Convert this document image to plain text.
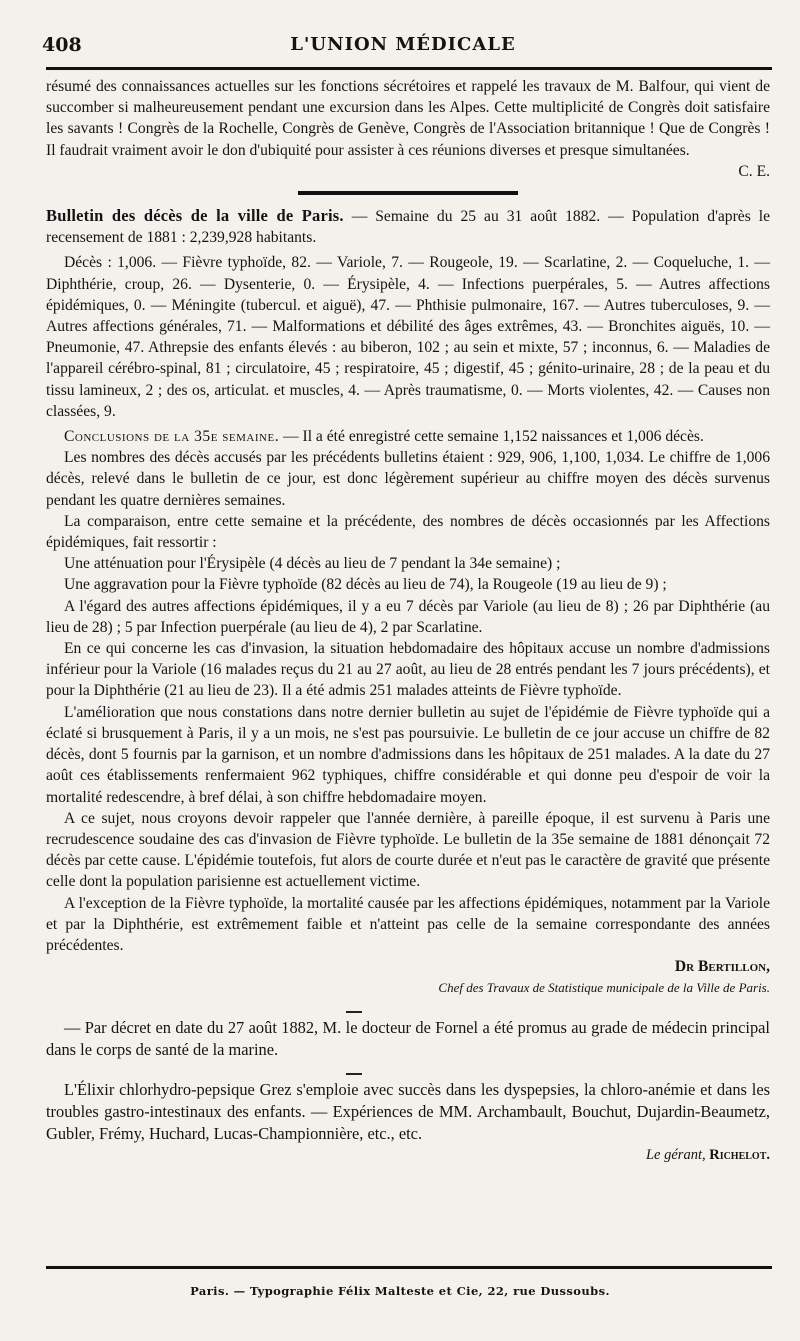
408	L'UNION MÉDICALE

résumé des connaissances actuelles sur les fonctions sécrétoires et rappelé les travaux de M. Balfour, qui vient de succomber si malheureusement pendant une excursion dans les Alpes. Cette multiplicité de Congrès doit satisfaire les savants ! Congrès de la Rochelle, Congrès de Genève, Congrès de l'Association britannique ! Que de Congrès ! Il faudrait vraiment avoir le don d'ubiquité pour assister à ces réunions diverses et presque simultanées.

C. E.

Bulletin des décès de la ville de Paris. — Semaine du 25 au 31 août 1882. — Population d'après le recensement de 1881 : 2,239,928 habitants.

Décès : 1,006. — Fièvre typhoïde, 82. — Variole, 7. — Rougeole, 19. — Scarlatine, 2. — Coqueluche, 1. — Diphthérie, croup, 26. — Dysenterie, 0. — Érysipèle, 4. — Infections puerpérales, 5. — Autres affections épidémiques, 0. — Méningite (tubercul. et aiguë), 47. — Phthisie pulmonaire, 167. — Autres tuberculoses, 9. — Autres affections générales, 71. — Malformations et débilité des âges extrêmes, 43. — Bronchites aiguës, 10. — Pneumonie, 47. Athrepsie des enfants élevés : au biberon, 102 ; au sein et mixte, 57 ; inconnus, 6. — Maladies de l'appareil cérébro-spinal, 81 ; circulatoire, 45 ; respiratoire, 45 ; digestif, 45 ; génito-urinaire, 28 ; de la peau et du tissu lamineux, 2 ; des os, articulat. et muscles, 4. — Après traumatisme, 0. — Morts violentes, 42. — Causes non classées, 9.

Conclusions de la 35e semaine. — Il a été enregistré cette semaine 1,152 naissances et 1,006 décès.

Les nombres des décès accusés par les précédents bulletins étaient : 929, 906, 1,100, 1,034. Le chiffre de 1,006 décès, relevé dans le bulletin de ce jour, est donc légèrement supérieur au chiffre moyen des décès survenus pendant les quatre dernières semaines.

La comparaison, entre cette semaine et la précédente, des nombres de décès occasionnés par les Affections épidémiques, fait ressortir :

Une atténuation pour l'Érysipèle (4 décès au lieu de 7 pendant la 34e semaine) ;

Une aggravation pour la Fièvre typhoïde (82 décès au lieu de 74), la Rougeole (19 au lieu de 9) ;

A l'égard des autres affections épidémiques, il y a eu 7 décès par Variole (au lieu de 8) ; 26 par Diphthérie (au lieu de 28) ; 5 par Infection puerpérale (au lieu de 4), 2 par Scarlatine.

En ce qui concerne les cas d'invasion, la situation hebdomadaire des hôpitaux accuse un nombre d'admissions inférieur pour la Variole (16 malades reçus du 21 au 27 août, au lieu de 28 entrés pendant les 7 jours précédents), et pour la Diphthérie (21 au lieu de 23). Il a été admis 251 malades atteints de Fièvre typhoïde.

L'amélioration que nous constations dans notre dernier bulletin au sujet de l'épidémie de Fièvre typhoïde qui a éclaté si brusquement à Paris, il y a un mois, ne s'est pas poursuivie. Le bulletin de ce jour accuse un chiffre de 82 décès, dont 5 fournis par la garnison, et un nombre d'admissions dans les hôpitaux de 251 malades. A la date du 27 août ces établissements renfermaient 962 typhiques, chiffre considérable et qui donne peu d'espoir de voir la mortalité redescendre, à bref délai, à son chiffre hebdomadaire moyen.

A ce sujet, nous croyons devoir rappeler que l'année dernière, à pareille époque, il est survenu à Paris une recrudescence soudaine des cas d'invasion de Fièvre typhoïde. Le bulletin de la 35e semaine de 1881 dénonçait 72 décès par cette cause. L'épidémie toutefois, fut alors de courte durée et n'eut pas le caractère de gravité que présente celle dont la population parisienne est actuellement victime.

A l'exception de la Fièvre typhoïde, la mortalité causée par les affections épidémiques, notamment par la Variole et par la Diphthérie, est extrêmement faible et n'atteint pas celle de la semaine correspondante des années précédentes.

Dr Bertillon,

Chef des Travaux de Statistique municipale de la Ville de Paris.

— Par décret en date du 27 août 1882, M. le docteur de Fornel a été promus au grade de médecin principal dans le corps de santé de la marine.

L'Élixir chlorhydro-pepsique Grez s'emploie avec succès dans les dyspepsies, la chloro-anémie et dans les troubles gastro-intestinaux des enfants. — Expériences de MM. Archambault, Bouchut, Dujardin-Beaumetz, Gubler, Frémy, Huchard, Lucas-Championnière, etc., etc.

Le gérant, Richelot.

Paris. — Typographie Félix Malteste et Cie, 22, rue Dussoubs.
